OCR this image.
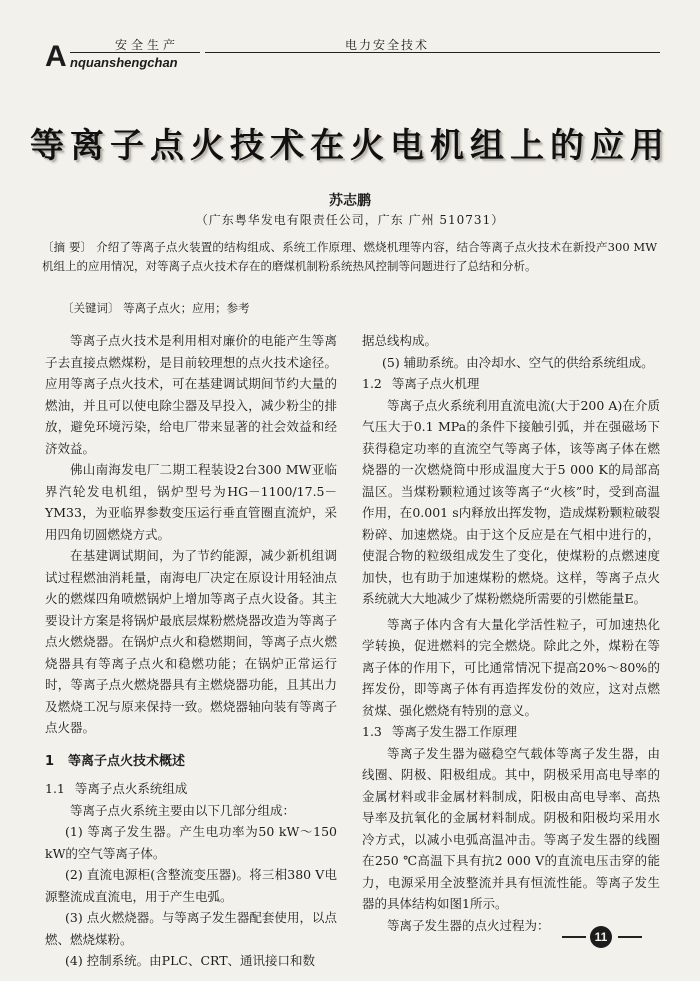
A	安全生产
nquanshengchan
电力安全技术
等离子点火技术在火电机组上的应用
苏志鹏
（广东粤华发电有限责任公司，广东 广州 510731）
〔摘 要〕 介绍了等离子点火装置的结构组成、系统工作原理、燃烧机理等内容，结合等离子点火技术在新投产300 MW机组上的应用情况，对等离子点火技术存在的磨煤机制粉系统热风控制等问题进行了总结和分析。
〔关键词〕 等离子点火；应用；参考

等离子点火技术是利用相对廉价的电能产生等离子去直接点燃煤粉，是目前较理想的点火技术途径。应用等离子点火技术，可在基建调试期间节约大量的燃油，并且可以使电除尘器及早投入，减少粉尘的排放，避免环境污染，给电厂带来显著的社会效益和经济效益。

佛山南海发电厂二期工程装设2台300 MW亚临界汽轮发电机组，锅炉型号为HG－1100/17.5－YM33，为亚临界参数变压运行垂直管圈直流炉，采用四角切圆燃烧方式。

在基建调试期间，为了节约能源，减少新机组调试过程燃油消耗量，南海电厂决定在原设计用轻油点火的燃煤四角喷燃锅炉上增加等离子点火设备。其主要设计方案是将锅炉最底层煤粉燃烧器改造为等离子点火燃烧器。在锅炉点火和稳燃期间，等离子点火燃烧器具有等离子点火和稳燃功能；在锅炉正常运行时，等离子点火燃烧器具有主燃烧器功能，且其出力及燃烧工况与原来保持一致。燃烧器轴向装有等离子点火器。

1 等离子点火技术概述
1.1 等离子点火系统组成

等离子点火系统主要由以下几部分组成：

(1) 等离子发生器。产生电功率为50 kW～150 kW的空气等离子体。

(2) 直流电源柜(含整流变压器)。将三相380 V电源整流成直流电，用于产生电弧。

(3) 点火燃烧器。与等离子发生器配套使用，以点燃、燃烧煤粉。

(4) 控制系统。由PLC、CRT、通讯接口和数

据总线构成。

(5) 辅助系统。由冷却水、空气的供给系统组成。

1.2 等离子点火机理

等离子点火系统利用直流电流(大于200 A)在介质气压大于0.1 MPa的条件下接触引弧，并在强磁场下获得稳定功率的直流空气等离子体，该等离子体在燃烧器的一次燃烧筒中形成温度大于5 000 K的局部高温区。当煤粉颗粒通过该等离子“火核”时，受到高温作用，在0.001 s内释放出挥发物，造成煤粉颗粒破裂粉碎、加速燃烧。由于这个反应是在气相中进行的，使混合物的粒级组成发生了变化，使煤粉的点燃速度加快，也有助于加速煤粉的燃烧。这样，等离子点火系统就大大地减少了煤粉燃烧所需要的引燃能量E。

等离子体内含有大量化学活性粒子，可加速热化学转换，促进燃料的完全燃烧。除此之外，煤粉在等离子体的作用下，可比通常情况下提高20%～80%的挥发份，即等离子体有再造挥发份的效应，这对点燃贫煤、强化燃烧有特别的意义。

1.3 等离子发生器工作原理

等离子发生器为磁稳空气载体等离子发生器，由线圈、阴极、阳极组成。其中，阴极采用高电导率的金属材料或非金属材料制成，阳极由高电导率、高热导率及抗氧化的金属材料制成。阴极和阳极均采用水冷方式，以减小电弧高温冲击。等离子发生器的线圈在250 ℃高温下具有抗2 000 V的直流电压击穿的能力，电源采用全波整流并具有恒流性能。等离子发生器的具体结构如图1所示。

等离子发生器的点火过程为：

11
